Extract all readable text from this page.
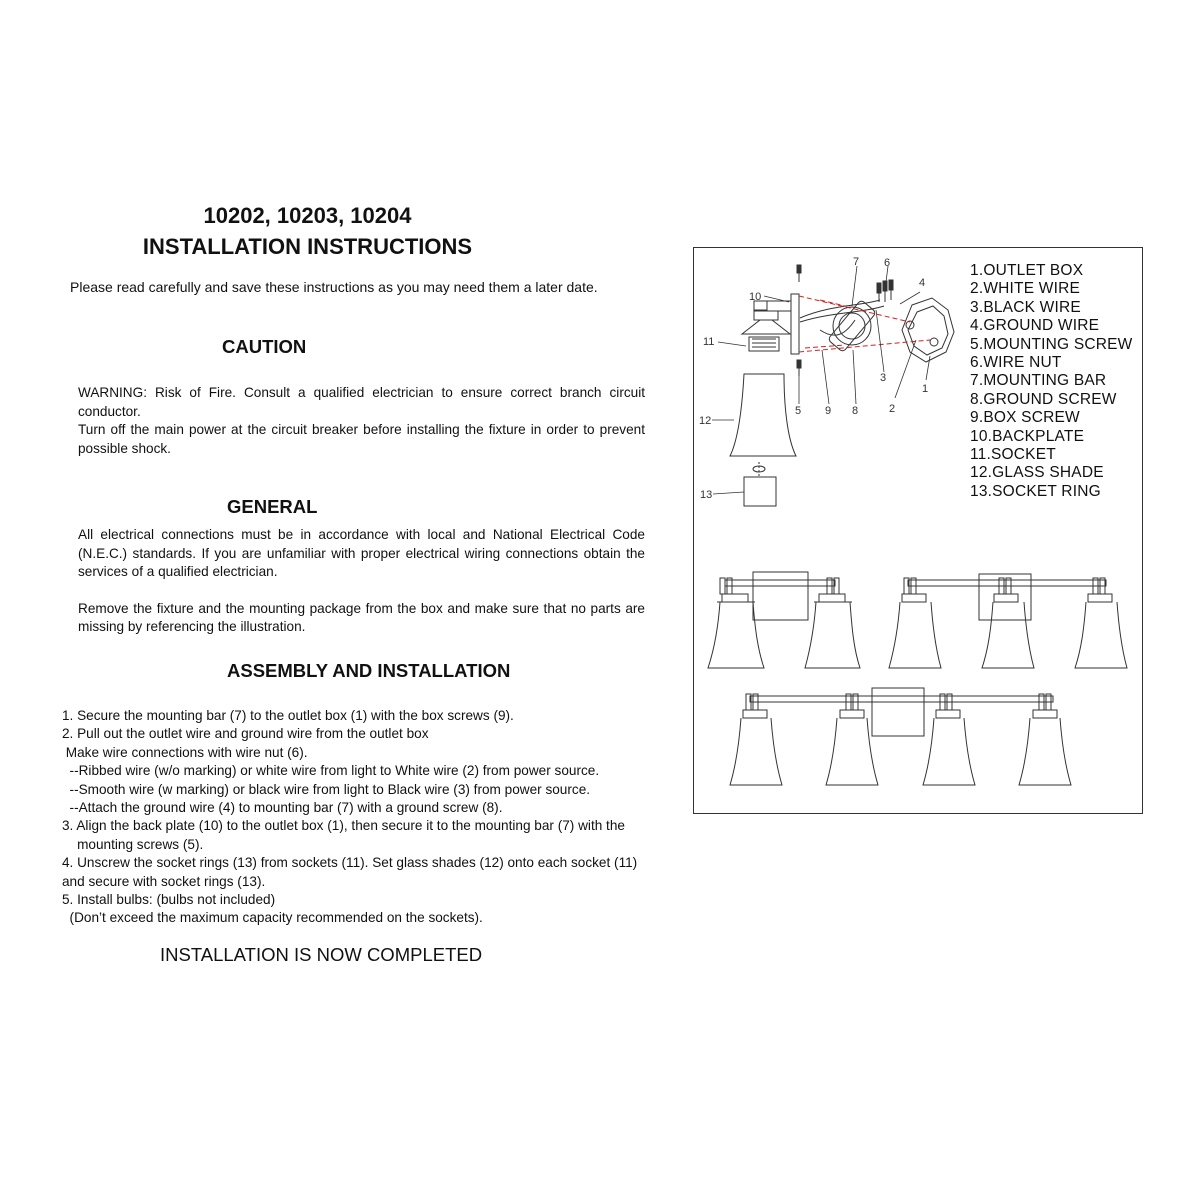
10202, 10203, 10204
INSTALLATION INSTRUCTIONS

Please read carefully and save these instructions as you may need them a later date.

CAUTION

WARNING: Risk of Fire. Consult a qualified electrician to ensure correct branch circuit conductor.

Turn off the main power at the circuit breaker before installing the fixture in order to prevent possible shock.

GENERAL

All electrical connections must be in accordance with local and National Electrical Code (N.E.C.) standards. If you are unfamiliar with proper electrical wiring connections obtain the services of a qualified electrician.

Remove the fixture and the mounting package from the box and make sure that no parts are missing by referencing the illustration.

ASSEMBLY AND INSTALLATION
1. Secure the mounting bar (7) to the outlet box (1) with the box screws (9).
2. Pull out the outlet wire and ground wire from the outlet box
Make wire connections with wire nut (6).
--Ribbed wire (w/o marking) or white wire from light to White wire (2) from power source.
--Smooth wire (w marking) or black wire from light to Black wire (3) from power source.
--Attach the ground wire (4) to mounting bar (7) with a ground screw (8).
3. Align the back plate (10) to the outlet box (1), then secure it to the mounting bar (7) with the
mounting screws (5).
4. Unscrew the socket rings (13) from sockets (11). Set glass shades (12) onto each socket (11)
and secure with socket rings (13).
5. Install bulbs: (bulbs not included)
(Don’t exceed the maximum capacity recommended on the sockets).

INSTALLATION IS NOW COMPLETED

1
2
3
4
5
6
7
8
9
10
11
12
13
1.OUTLET BOX
2.WHITE WIRE
3.BLACK WIRE
4.GROUND WIRE
5.MOUNTING SCREW
6.WIRE NUT
7.MOUNTING BAR
8.GROUND SCREW
9.BOX SCREW
10.BACKPLATE
11.SOCKET
12.GLASS SHADE
13.SOCKET RING
